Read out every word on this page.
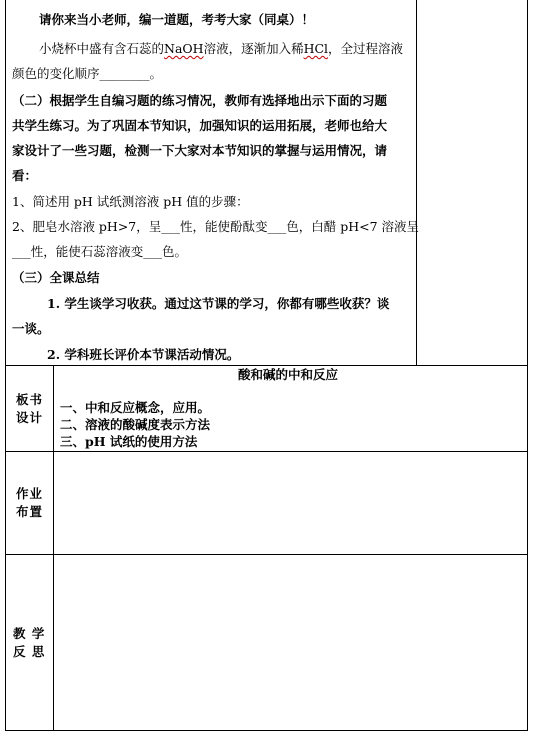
请你来当小老师，编一道题，考考大家（同桌）！
小烧杯中盛有含石蕊的NaOH溶液，逐渐加入稀HCl，全过程溶液
颜色的变化顺序________。
（二）根据学生自编习题的练习情况，教师有选择地出示下面的习题
共学生练习。为了巩固本节知识，加强知识的运用拓展，老师也给大
家设计了一些习题，检测一下大家对本节知识的掌握与运用情况，请
看：
1、简述用 pH 试纸测溶液 pH 值的步骤：
2、肥皂水溶液 pH>7，呈___性，能使酚酞变___色，白醋 pH<7 溶液呈
___性，能使石蕊溶液变___色。
（三）全课总结
1. 学生谈学习收获。通过这节课的学习，你都有哪些收获？谈
一谈。
2. 学科班长评价本节课活动情况。
板书
设计
酸和碱的中和反应
一、中和反应概念，应用。
二、溶液的酸碱度表示方法
三、pH 试纸的使用方法
作业
布置
教 学
反 思
